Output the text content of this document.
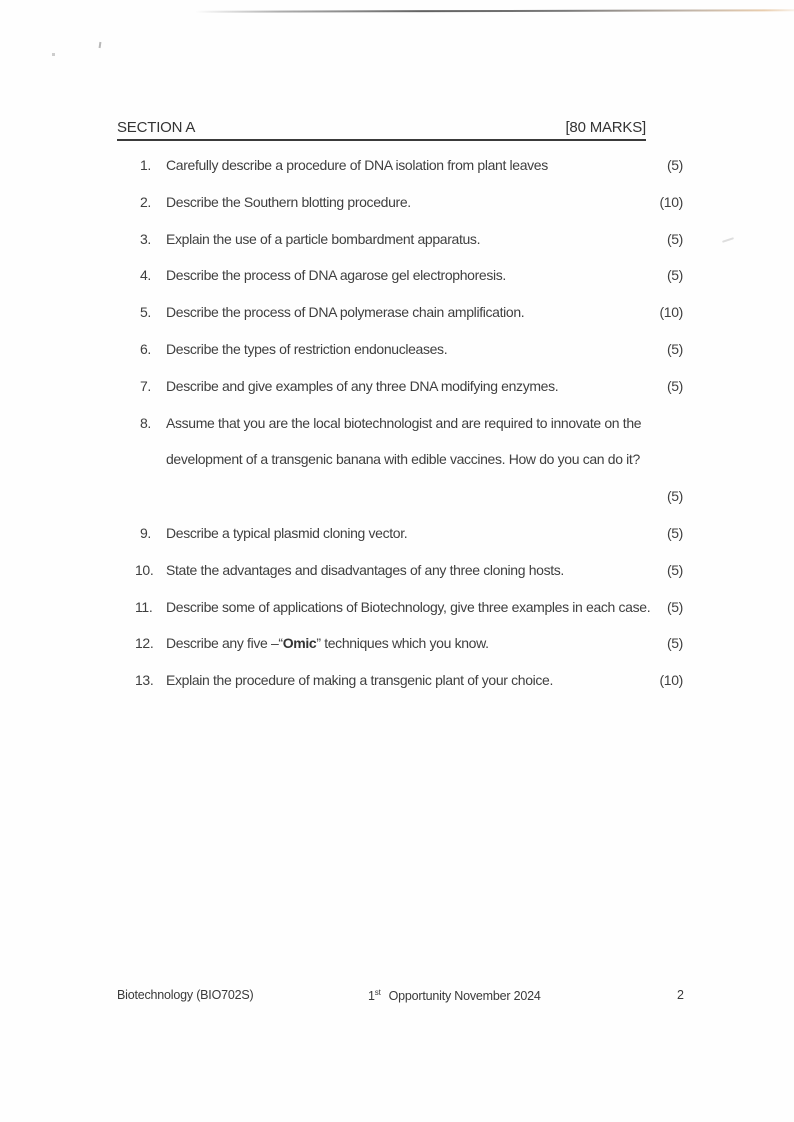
SECTION A	[80 MARKS]
1.	Carefully describe a procedure of DNA isolation from plant leaves	(5)
2.	Describe the Southern blotting procedure.	(10)
3.	Explain the use of a particle bombardment apparatus.	(5)
4.	Describe the process of DNA agarose gel electrophoresis.	(5)
5.	Describe the process of DNA polymerase chain amplification.	(10)
6.	Describe the types of restriction endonucleases.	(5)
7.	Describe and give examples of any three DNA modifying enzymes.	(5)
8.	Assume that you are the local biotechnologist and are required to innovate on the
development of a transgenic banana with edible vaccines. How do you can do it?
(5)
9.	Describe a typical plasmid cloning vector.	(5)
10. State the advantages and disadvantages of any three cloning hosts.	(5)
11. Describe some of applications of Biotechnology, give three examples in each case.	(5)
12. Describe any five –“Omic” techniques which you know.	(5)
13. Explain the procedure of making a transgenic plant of your choice.	(10)
Biotechnology (BIO702S)	1st Opportunity November 2024	2
